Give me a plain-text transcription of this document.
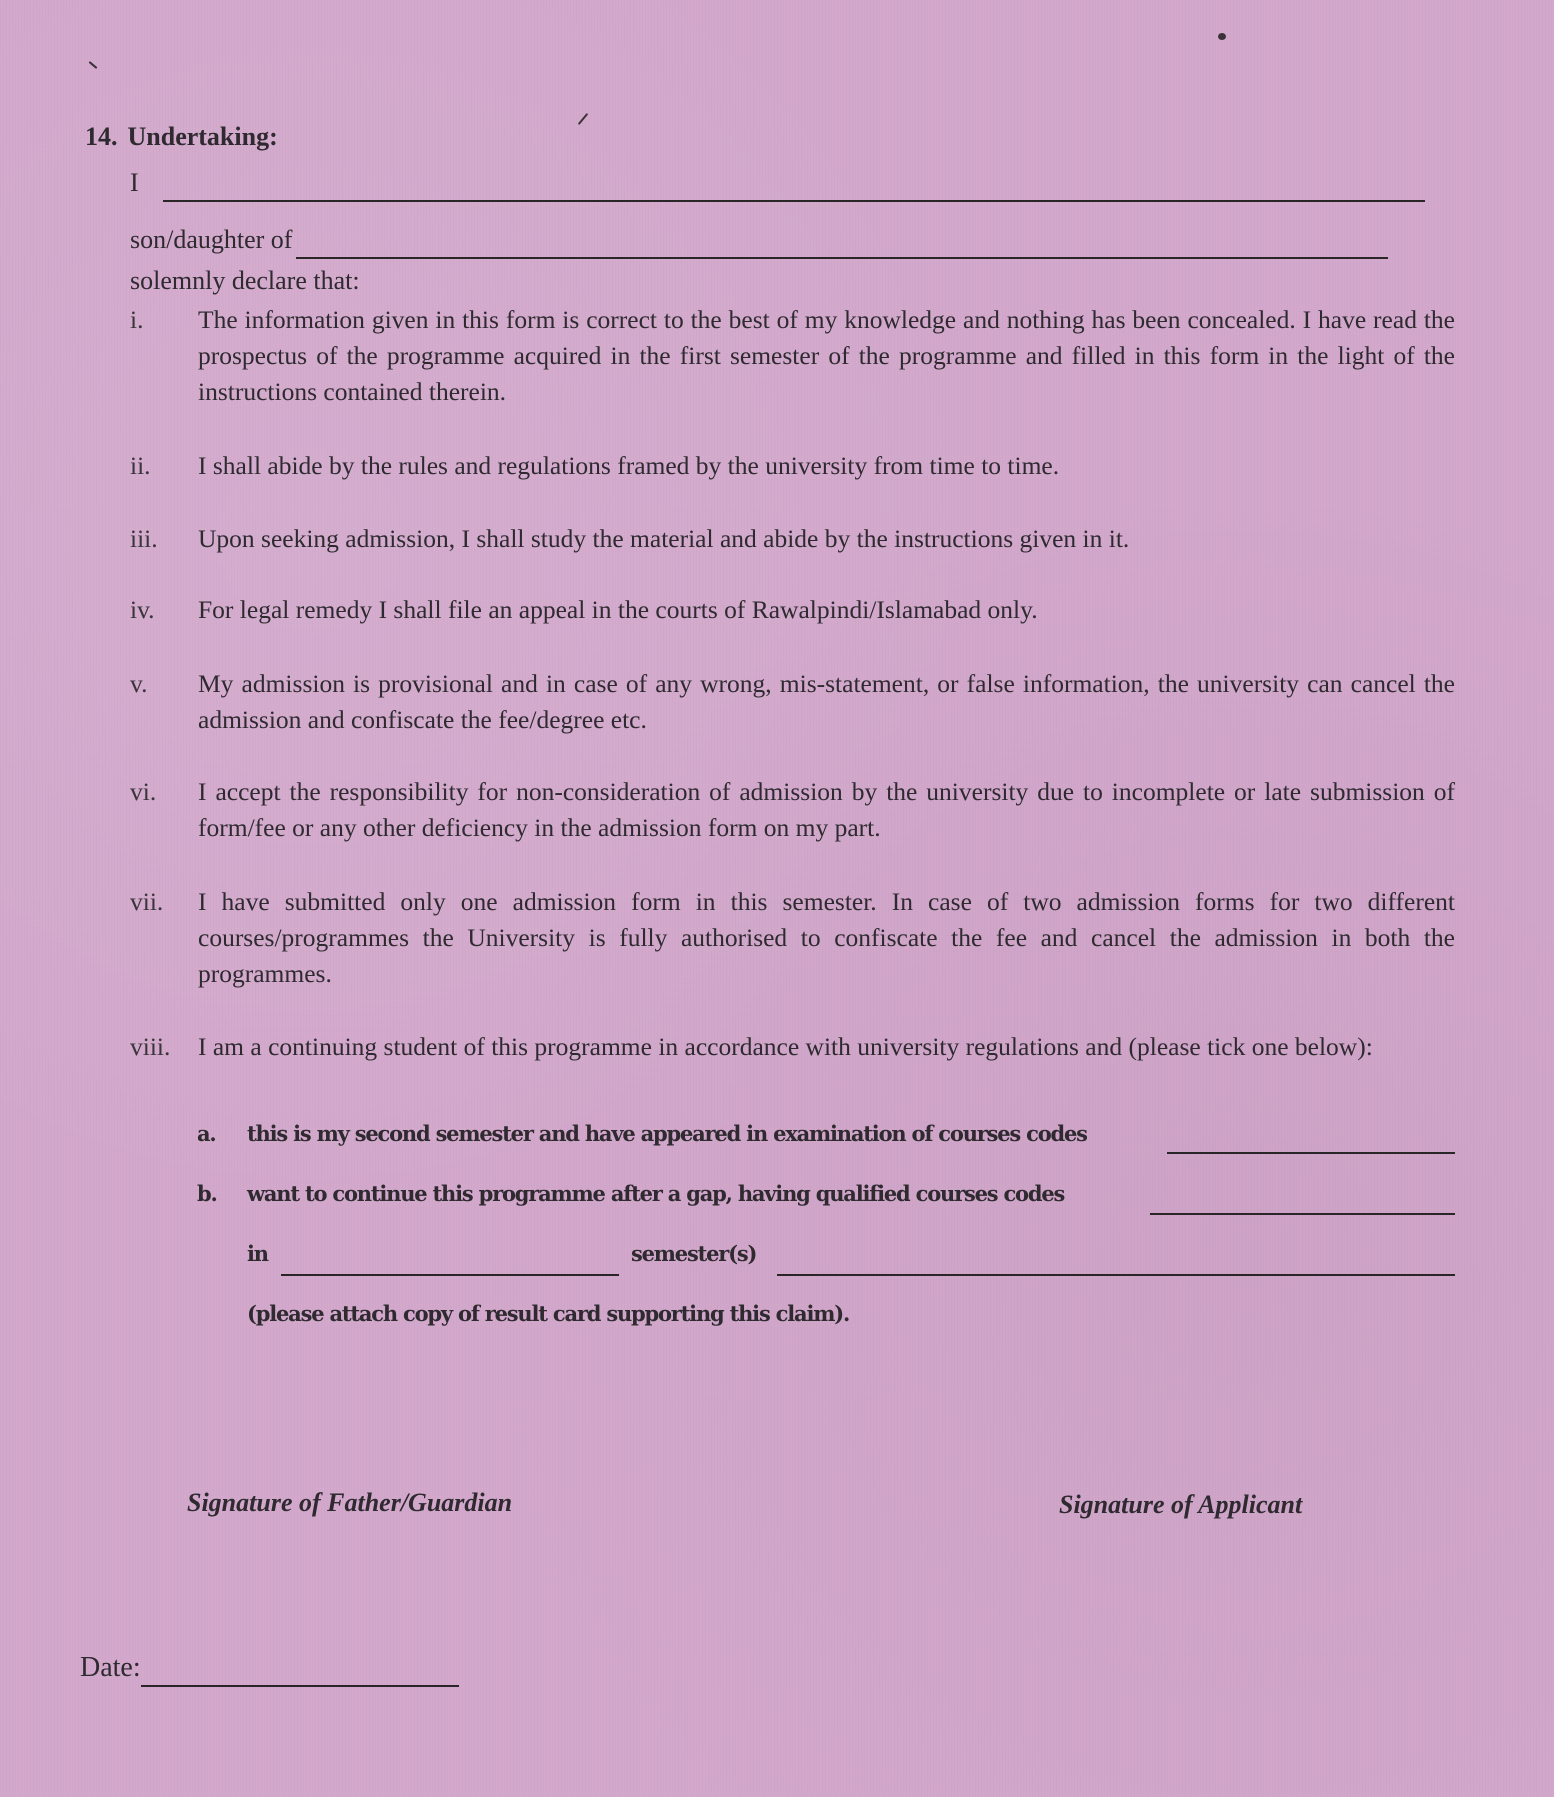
14. Undertaking:
I
son/daughter of
solemnly declare that:
i.	The information given in this form is correct to the best of my knowledge and nothing has been concealed. I have read the prospectus of the programme acquired in the first semester of the programme and filled in this form in the light of the instructions contained therein.
ii.	I shall abide by the rules and regulations framed by the university from time to time.
iii.	Upon seeking admission, I shall study the material and abide by the instructions given in it.
iv.	For legal remedy I shall file an appeal in the courts of Rawalpindi/Islamabad only.
v.	My admission is provisional and in case of any wrong, mis-statement, or false information, the university can cancel the admission and confiscate the fee/degree etc.
vi.	I accept the responsibility for non-consideration of admission by the university due to incomplete or late submission of form/fee or any other deficiency in the admission form on my part.
vii.	I have submitted only one admission form in this semester. In case of two admission forms for two different courses/programmes the University is fully authorised to confiscate the fee and cancel the admission in both the programmes.
viii.	I am a continuing student of this programme in accordance with university regulations and (please tick one below):
a.	this is my second semester and have appeared in examination of courses codes
b.	want to continue this programme after a gap, having qualified courses codes
in	semester(s)
(please attach copy of result card supporting this claim).
Signature of Father/Guardian	Signature of Applicant
Date:
